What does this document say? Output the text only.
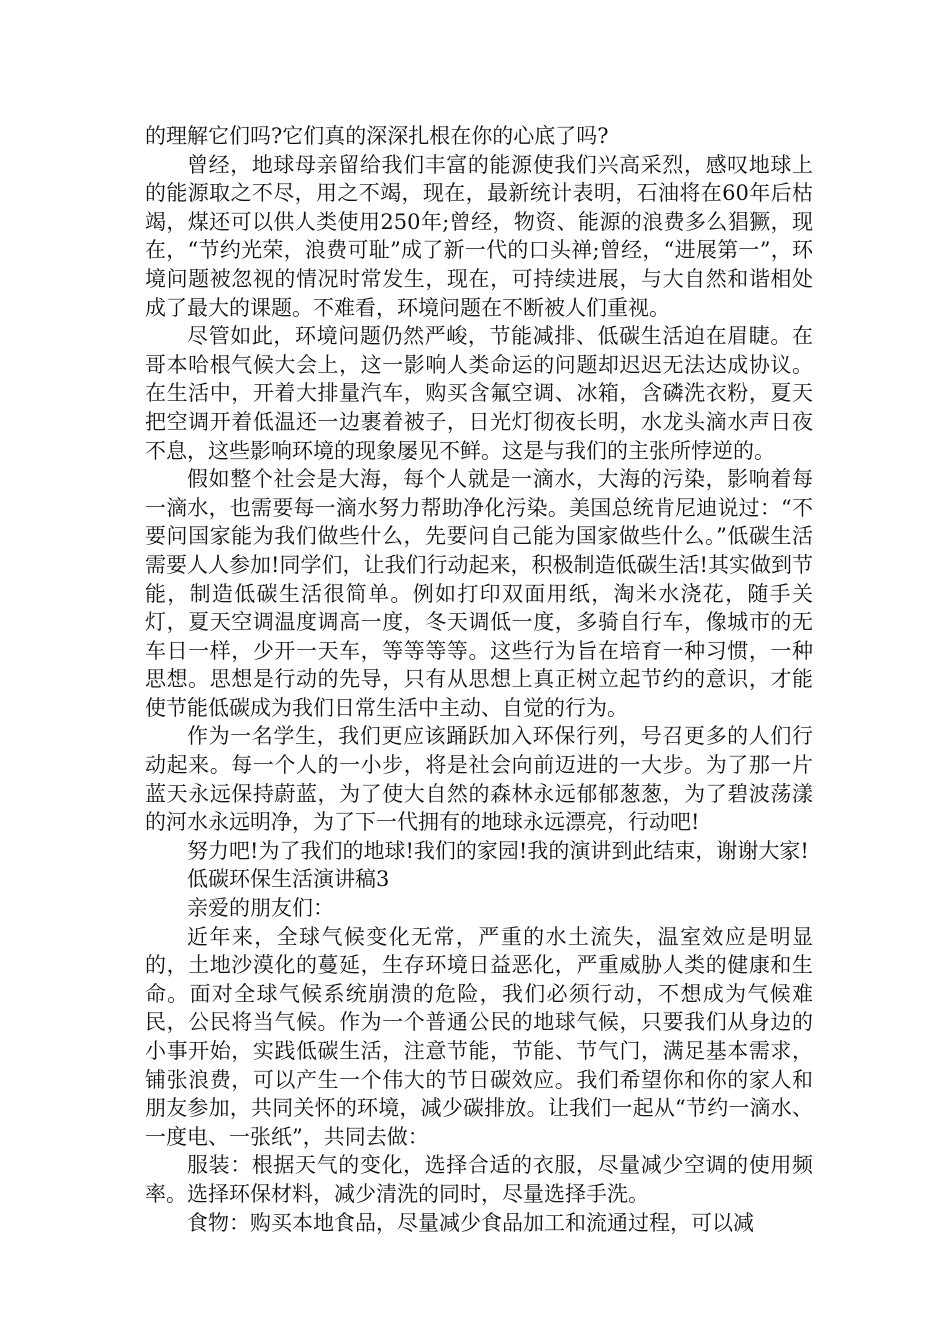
的理解它们吗?它们真的深深扎根在你的心底了吗?

曾经，地球母亲留给我们丰富的能源使我们兴高采烈，感叹地球上的能源取之不尽，用之不竭，现在，最新统计表明，石油将在60年后枯竭，煤还可以供人类使用250年;曾经，物资、能源的浪费多么猖獗，现在，“节约光荣，浪费可耻”成了新一代的口头禅;曾经，“进展第一”，环境问题被忽视的情况时常发生，现在，可持续进展，与大自然和谐相处成了最大的课题。不难看，环境问题在不断被人们重视。

尽管如此，环境问题仍然严峻，节能减排、低碳生活迫在眉睫。在哥本哈根气候大会上，这一影响人类命运的问题却迟迟无法达成协议。在生活中，开着大排量汽车，购买含氟空调、冰箱，含磷洗衣粉，夏天把空调开着低温还一边裹着被子，日光灯彻夜长明，水龙头滴水声日夜不息，这些影响环境的现象屡见不鲜。这是与我们的主张所悖逆的。

假如整个社会是大海，每个人就是一滴水，大海的污染，影响着每一滴水，也需要每一滴水努力帮助净化污染。美国总统肯尼迪说过：“不要问国家能为我们做些什么，先要问自己能为国家做些什么。”低碳生活需要人人参加!同学们，让我们行动起来，积极制造低碳生活!其实做到节能，制造低碳生活很简单。例如打印双面用纸，淘米水浇花，随手关灯，夏天空调温度调高一度，冬天调低一度，多骑自行车，像城市的无车日一样，少开一天车，等等等等。这些行为旨在培育一种习惯，一种思想。思想是行动的先导，只有从思想上真正树立起节约的意识，才能使节能低碳成为我们日常生活中主动、自觉的行为。

作为一名学生，我们更应该踊跃加入环保行列，号召更多的人们行动起来。每一个人的一小步，将是社会向前迈进的一大步。为了那一片蓝天永远保持蔚蓝，为了使大自然的森林永远郁郁葱葱，为了碧波荡漾的河水永远明净，为了下一代拥有的地球永远漂亮，行动吧!

努力吧!为了我们的地球!我们的家园!我的演讲到此结束，谢谢大家!

低碳环保生活演讲稿3

亲爱的朋友们：

近年来，全球气候变化无常，严重的水土流失，温室效应是明显的，土地沙漠化的蔓延，生存环境日益恶化，严重威胁人类的健康和生命。面对全球气候系统崩溃的危险，我们必须行动，不想成为气候难民，公民将当气候。作为一个普通公民的地球气候，只要我们从身边的小事开始，实践低碳生活，注意节能，节能、节气门，满足基本需求，铺张浪费，可以产生一个伟大的节日碳效应。我们希望你和你的家人和朋友参加，共同关怀的环境，减少碳排放。让我们一起从“节约一滴水、一度电、一张纸”，共同去做：

服装：根据天气的变化，选择合适的衣服，尽量减少空调的使用频率。选择环保材料，减少清洗的同时，尽量选择手洗。

食物：购买本地食品，尽量减少食品加工和流通过程，可以减
